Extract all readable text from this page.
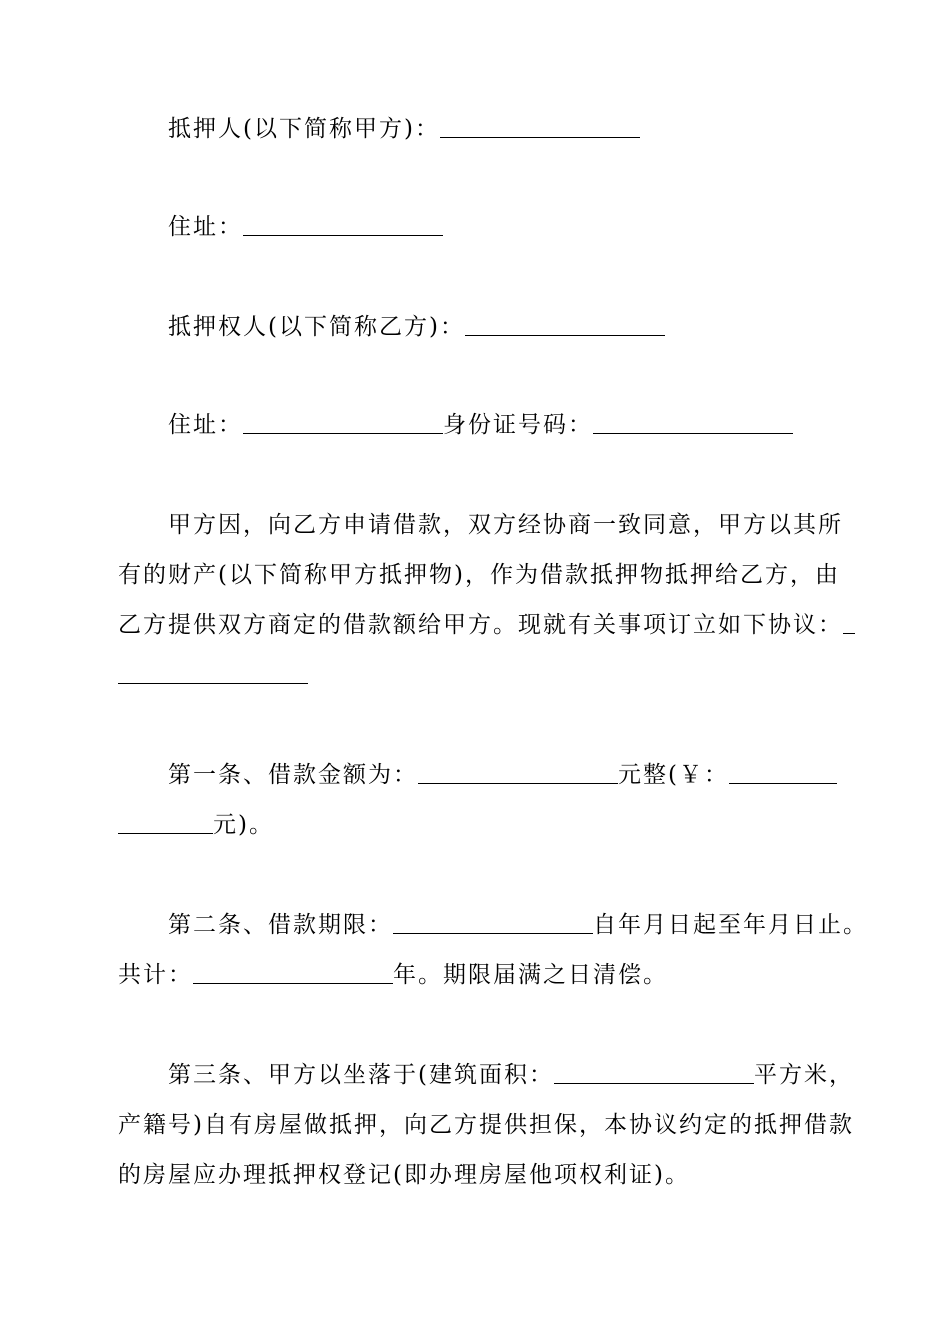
抵押人(以下简称甲方)：
住址：
抵押权人(以下简称乙方)：
住址：	身份证号码：
甲方因，向乙方申请借款，双方经协商一致同意，甲方以其所
有的财产(以下简称甲方抵押物)，作为借款抵押物抵押给乙方，由
乙方提供双方商定的借款额给甲方。现就有关事项订立如下协议：
第一条、借款金额为：	元整(￥：
元)。
第二条、借款期限：	自年月日起至年月日止。
共计：	年。期限届满之日清偿。
第三条、甲方以坐落于(建筑面积：	平方米，
产籍号)自有房屋做抵押，向乙方提供担保，本协议约定的抵押借款
的房屋应办理抵押权登记(即办理房屋他项权利证)。
